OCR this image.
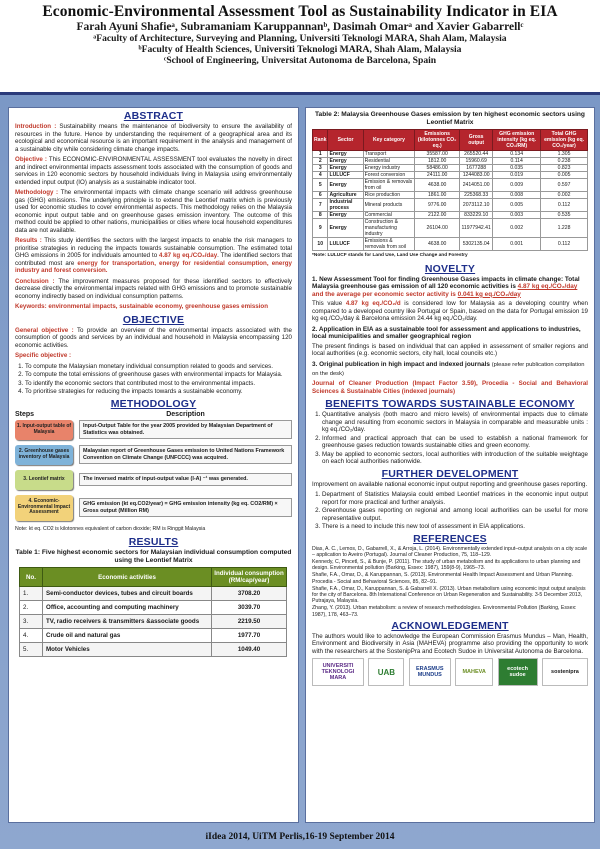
Economic-Environmental Assessment Tool as Sustainability Indicator in EIA
Farah Ayuni Shafieᵃ, Subramaniam Karuppannanᵇ, Dasimah Omarᵃ and Xavier Gabarrellᶜ
ᵃFaculty of Architecture, Surveying and Planning, Universiti Teknologi MARA, Shah Alam, Malaysia
ᵇFaculty of Health Sciences, Universiti Teknologi MARA, Shah Alam, Malaysia
ᶜSchool of Engineering, Universitat Autonoma de Barcelona, Spain
ABSTRACT
Introduction : Sustainability means the maintenance of biodiversity to ensure the availability of resources in the future. Hence by understanding the requirement of a geographical area and its ecological and economical resource is an important requirement in the analysis and management of a sustainable city while considering climate change impacts.
Objective : This ECONOMIC-ENVIRONMENTAL ASSESSMENT tool evaluates the novelty in direct and indirect environmental impacts assessment tools associated with the consumption of goods and services in 120 economic sectors by household individuals living in Malaysia using environmentally extended input output (IO) analysis as a sustainable indicator tool.
Methodology : The environmental impacts with climate change scenario will address greenhouse gas (GHG) emissions. The underlying principle is to extend the Leontief matrix which is previously used for economic studies to cover environmental aspects. This methodology relies on the Malaysia economic input output table and on greenhouse gases emission inventory. The outcome of this method could be applied to other nations, municipalities or cities where local household expenditures data are not available.
Results : This study identifies the sectors with the largest impacts to enable the risk managers to prioritise strategies in reducing the impacts towards sustainable consumption. The estimated total GHG emissions in 2005 for individuals amounted to 4.87 kg eq./CO₂/day. The identified sectors that contributed most are energy for transportation, energy for residential consumption, energy industry and forest conversion.
Conclusion : The improvement measures proposed for these identified sectors to effectively decrease directly the environmental impacts related with GHG emissions and to promote sustainable economy indirectly based on individual consumption patterns.
Keywords: environmental impacts, sustainable economy, greenhouse gases emission
OBJECTIVE
General objective : To provide an overview of the environmental impacts associated with the consumption of goods and services by an individual and household in Malaysia encompassing 120 economic activities.
Specific objective :
1. To compute the Malaysian monetary individual consumption related to goods and services.
2. To compute the total emissions of greenhouse gases with environmental impacts for Malaysia.
3. To identify the economic sectors that contributed most to the environmental impacts.
4. To prioritise strategies for reducing the impacts towards a sustainable economy.
METHODOLOGY
Steps	Description
1. Input-output table of Malaysia
Input-Output Table for the year 2005 provided by Malaysian Department of Statistics was obtained.
2. Greenhouse gases inventory of Malaysia
Malaysian report of Greenhouse Gases emission to United Nations Framework Convention on Climate Change (UNFCCC) was acquired.
3. Leontief matrix	The inversed matrix of input-output value (I-A) ⁻¹ was generated.
4. Economic-Environmental Impact Assessment
GHG emission (kt eq.CO2/year) = GHG emission intensity (kg eq. CO2/RM) × Gross output (Million RM)
Note: kt eq. CO2 is kilotonnes equivalent of carbon dioxide; RM is Ringgit Malaysia
RESULTS
Table 1: Five highest economic sectors for Malaysian individual consumption computed using the Leontief Matrix
No.	Economic activities	Individual consumption (RM/cap/year)
1.	Semi-conductor devices, tubes and circuit boards	3708.20
2.	Office, accounting and computing machinery	3039.70
3.	TV, radio receivers & transmitters &associate goods	2219.50
4.	Crude oil and natural gas	1977.70
5.	Motor Vehicles	1049.40
Table 2: Malaysia Greenhouse Gases emission by ten highest economic sectors using Leontief Matrix
Rank	Sector	Key category	Emissions (kilotonnes CO₂ eq.)	Gross output	GHG emission intensity (kg eq. CO₂/RM)	Total GHG emission (kg eq. CO₂/year)
1	Energy	Transport	35587.00	265520.44	0.134	1.305
2	Energy	Residential	1812.00	15960.69	0.114	0.238
3	Energy	Energy industry	58486.00	1677288	0.035	0.823
4	LULUCF	Forest conversion	24111.00	1244083.00	0.019	0.005
5	Energy	Emission & removals from oil	4638.00	2414051.00	0.009	0.597
6	Agriculture	Rice production	1861.00	225368.33	0.008	0.002
7	Industrial process	Mineral products	9776.00	2073112.10	0.005	0.112
8	Energy	Commercial	2122.00	833229.10	0.003	0.535
9	Energy	Construction & manufacturing industry	26104.00	11977942.41	0.002	1.228
10	LULUCF	Emissions & removals from soil	4638.00	5302135.04	0.001	0.112
*Note: LULUCF stands for Land Use, Land Use Change and Forestry
NOVELTY
1. New Assessment Tool for finding Greenhouse Gases impacts in climate change: Total Malaysia greenhouse gas emission of all 120 economic activities is 4.87 kg eq./CO₂/day and the average per economic sector activity is 0.041 kg eq./CO₂/day
This value 4.87 kg eq./CO₂/d is considered low for Malaysia as a developing country when compared to a developed country like Portugal or Spain, based on the data for Portugal emission 19 kg eq./CO₂/day & Barcelona emission 24.44 kg eq./CO₂/day.
2. Application in EIA as a sustainable tool for assessment and applications to industries, local municipalities and smaller geographical region
The present findings is based on individual that can applied in assessment of smaller regions and local authorities (e.g. economic sectors, city hall, local councils etc.)
3. Original publication in high impact and indexed journals (please refer publication compilation on the desk)
Journal of Cleaner Production (Impact Factor 3.59), Procedia - Social and Behavioral Sciences & Sustainable Cities (indexed journals)
BENEFITS TOWARDS SUSTAINABLE ECONOMY
1. Quantitative analysis (both macro and micro levels) of environmental impacts due to climate change and resulting from economic sectors in Malaysia in comparable and measurable units : kg eq./CO₂/day.
2. Informed and practical approach that can be used to establish a national framework for greenhouse gases reduction towards sustainable cities and green economy.
3. May be applied to economic sectors, local authorities with introduction of the suitable weightage on each local authorities nationwide.
FURTHER DEVELOPMENT
Improvement on available national economic input output reporting and greenhouse gases reporting.
1. Department of Statistics Malaysia could embed Leontief matrices in the economic input output report for more practical and further analysis.
2. Greenhouse gases reporting on regional and among local authorities can be useful for more representative output.
3. There is a need to include this new tool of assessment in EIA applications.
REFERENCES
Dias, A. C., Lemos, D., Gabarrell, X., & Arroja, L. (2014). Environmentally extended input–output analysis on a city scale – application to Aveiro (Portugal). Journal of Cleaner Production, 75, 118–129.
Kennedy, C, Pincetl, S., & Bunje, P. (2011). The study of urban metabolism and its applications to urban planning and design. Environmental pollution (Barking, Essex: 1987), 159(8-9), 1965–73.
Shafie, F.A., Omar, D., & Karuppannan, S. (2013). Environmental Health Impact Assessment and Urban Planning. Procedia - Social and Behavioral Sciences, 85, 82–91.
Shafie, F.A., Omar, D., Karuppannan, S. & Gabarrell X. (2013). Urban metabolism using economic input output analysis for the city of Barcelona. 8th International Conference on Urban Regeneration and Sustainability. 3-5 December 2013, Putrajaya, Malaysia.
Zhang, Y. (2013). Urban metabolism: a review of research methodologies. Environmental Pollution (Barking, Essex: 1987), 178, 463–73.
ACKNOWLEDGEMENT
The authors would like to acknowledge the European Commission Erasmus Mundus – Man, Health, Environment and Biodiversity in Asia (MAHEVA) programme also providing the opportunity to work with the researchers at the SostenipPra and Ecotech Sudoe in Universitat Autonoma de Barcelona.
UNIVERSITI TEKNOLOGI MARA
UAB	ERASMUS MUNDUS	MAHEVA	ecotech sudoe	sostenipra
iIdea 2014, UiTM Perlis,16-19 September 2014
